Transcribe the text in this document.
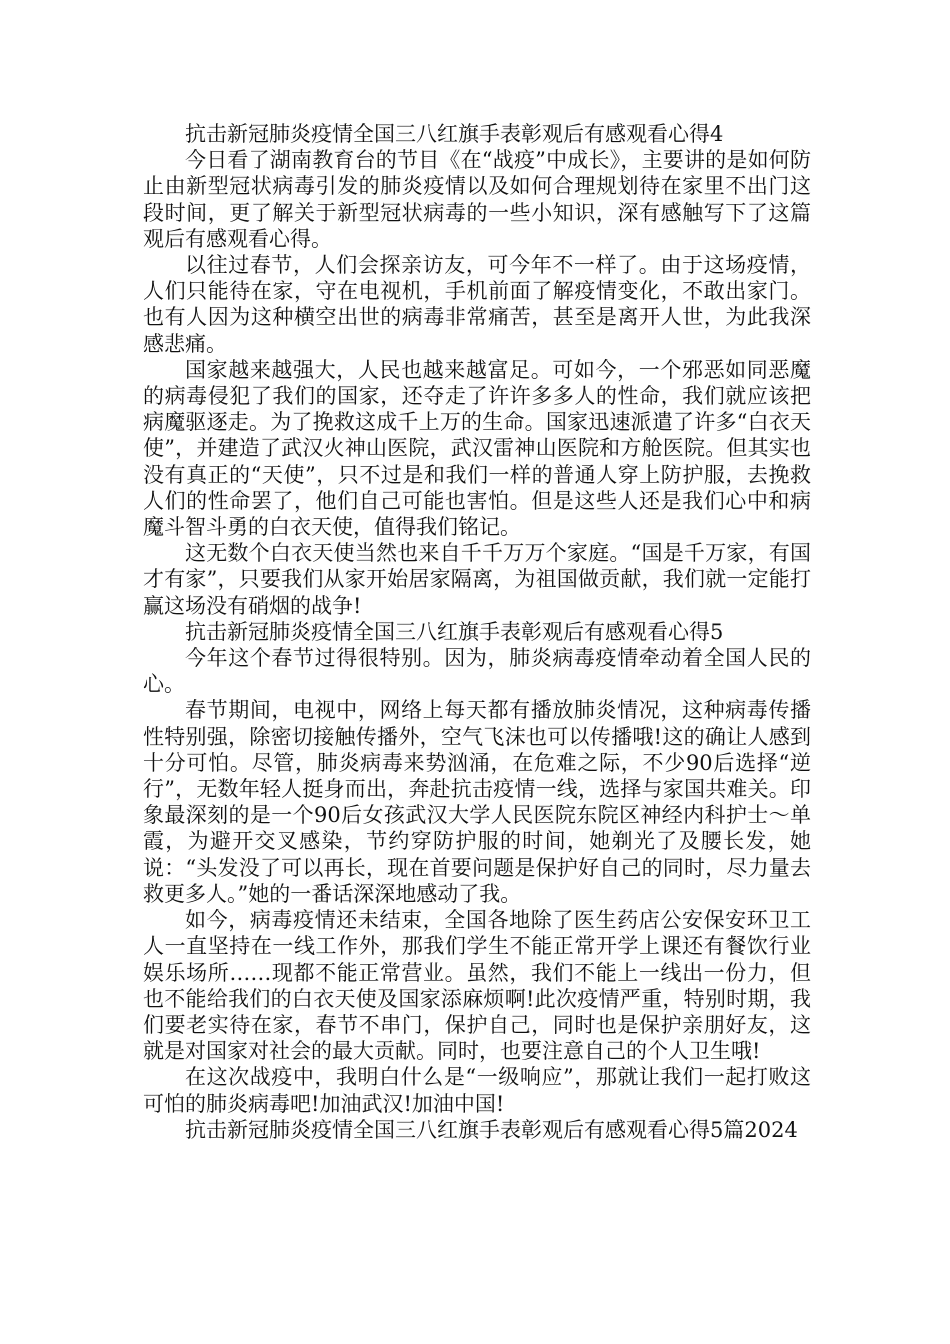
抗击新冠肺炎疫情全国三八红旗手表彰观后有感观看心得4

今日看了湖南教育台的节目《在“战疫”中成长》，主要讲的是如何防止由新型冠状病毒引发的肺炎疫情以及如何合理规划待在家里不出门这段时间，更了解关于新型冠状病毒的一些小知识，深有感触写下了这篇观后有感观看心得。

以往过春节，人们会探亲访友，可今年不一样了。由于这场疫情，人们只能待在家，守在电视机，手机前面了解疫情变化，不敢出家门。也有人因为这种横空出世的病毒非常痛苦，甚至是离开人世，为此我深感悲痛。

国家越来越强大，人民也越来越富足。可如今，一个邪恶如同恶魔的病毒侵犯了我们的国家，还夺走了许许多多人的性命，我们就应该把病魔驱逐走。为了挽救这成千上万的生命。国家迅速派遣了许多“白衣天使”，并建造了武汉火神山医院，武汉雷神山医院和方舱医院。但其实也没有真正的“天使”，只不过是和我们一样的普通人穿上防护服，去挽救人们的性命罢了，他们自己可能也害怕。但是这些人还是我们心中和病魔斗智斗勇的白衣天使，值得我们铭记。

这无数个白衣天使当然也来自千千万万个家庭。“国是千万家，有国才有家”，只要我们从家开始居家隔离，为祖国做贡献，我们就一定能打赢这场没有硝烟的战争!

抗击新冠肺炎疫情全国三八红旗手表彰观后有感观看心得5

今年这个春节过得很特别。因为，肺炎病毒疫情牵动着全国人民的心。

春节期间，电视中，网络上每天都有播放肺炎情况，这种病毒传播性特别强，除密切接触传播外，空气飞沫也可以传播哦!这的确让人感到十分可怕。尽管，肺炎病毒来势汹涌，在危难之际，不少90后选择“逆行”，无数年轻人挺身而出，奔赴抗击疫情一线，选择与家国共难关。印象最深刻的是一个90后女孩武汉大学人民医院东院区神经内科护士～单霞，为避开交叉感染，节约穿防护服的时间，她剃光了及腰长发，她说：“头发没了可以再长，现在首要问题是保护好自己的同时，尽力量去救更多人。”她的一番话深深地感动了我。

如今，病毒疫情还未结束，全国各地除了医生药店公安保安环卫工人一直坚持在一线工作外，那我们学生不能正常开学上课还有餐饮行业娱乐场所……现都不能正常营业。虽然，我们不能上一线出一份力，但也不能给我们的白衣天使及国家添麻烦啊!此次疫情严重，特别时期，我们要老实待在家，春节不串门，保护自己，同时也是保护亲朋好友，这就是对国家对社会的最大贡献。同时，也要注意自己的个人卫生哦!

在这次战疫中，我明白什么是“一级响应”，那就让我们一起打败这可怕的肺炎病毒吧!加油武汉!加油中国!

抗击新冠肺炎疫情全国三八红旗手表彰观后有感观看心得5篇2024
